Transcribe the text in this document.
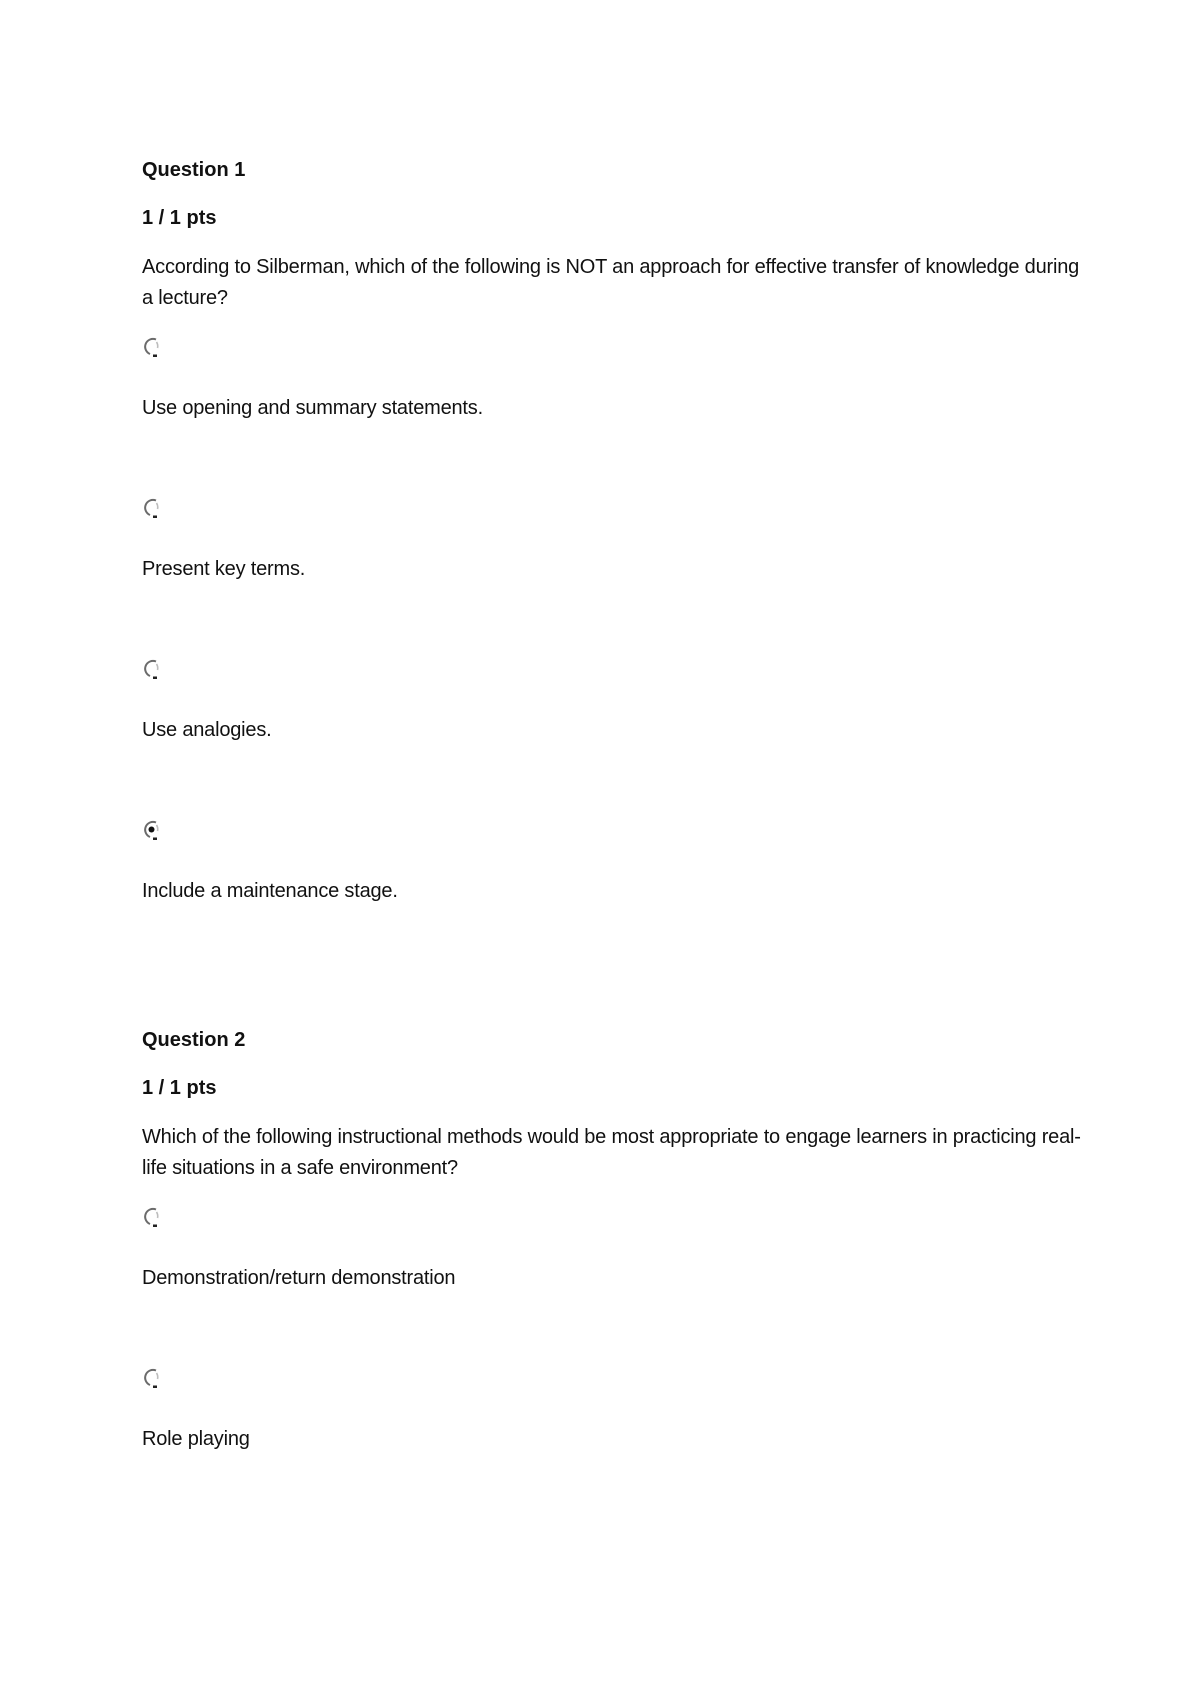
Question 1
1 / 1 pts
According to Silberman, which of the following is NOT an approach for effective transfer of knowledge during a lecture?
Use opening and summary statements.
Present key terms.
Use analogies.
Include a maintenance stage.
Question 2
1 / 1 pts
Which of the following instructional methods would be most appropriate to engage learners in practicing real-life situations in a safe environment?
Demonstration/return demonstration
Role playing
